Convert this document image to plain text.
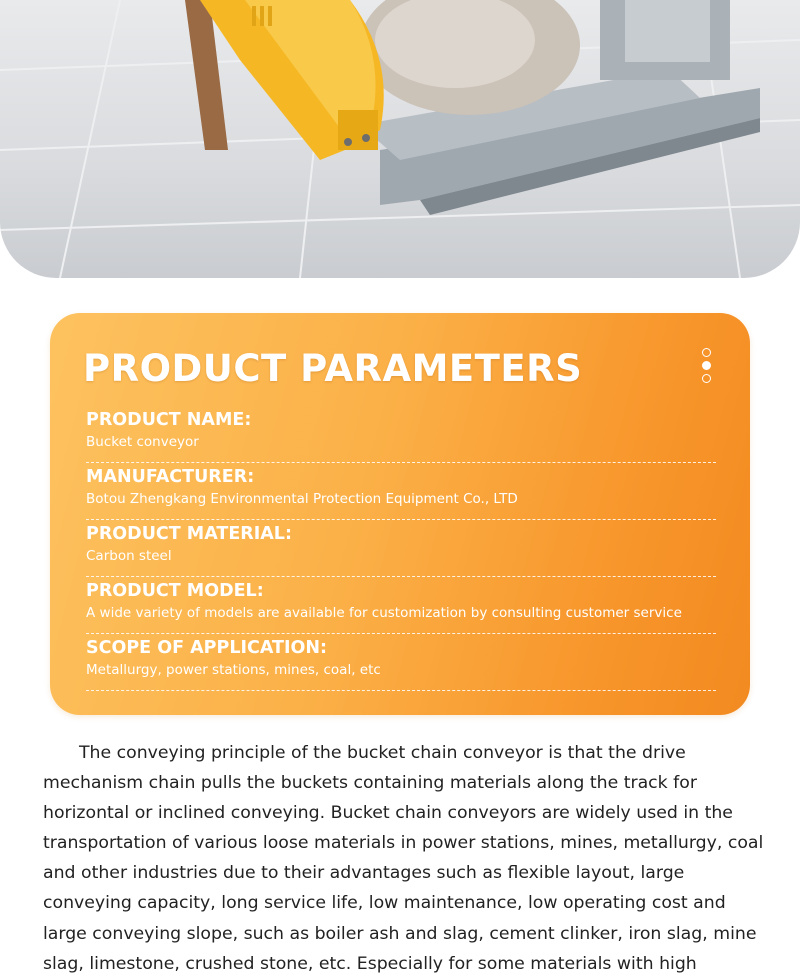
PRODUCT PARAMETERS
PRODUCT NAME:
Bucket conveyor
MANUFACTURER:
Botou Zhengkang Environmental Protection Equipment Co., LTD
PRODUCT MATERIAL:
Carbon steel
PRODUCT MODEL:
A wide variety of models are available for customization by consulting customer service
SCOPE OF APPLICATION:
Metallurgy, power stations, mines, coal, etc

The conveying principle of the bucket chain conveyor is that the drive mechanism chain pulls the buckets containing materials along the track for horizontal or inclined conveying. Bucket chain conveyors are widely used in the transportation of various loose materials in power stations, mines, metallurgy, coal and other industries due to their advantages such as flexible layout, large conveying capacity, long service life, low maintenance, low operating cost and large conveying slope, such as boiler ash and slag, cement clinker, iron slag, mine slag, limestone, crushed stone, etc. Especially for some materials with high
